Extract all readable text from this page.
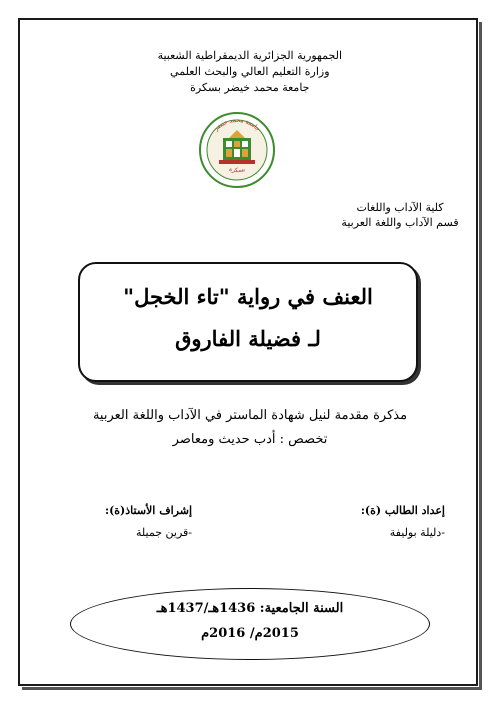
الجمهورية الجزائرية الديمقراطية الشعبية
وزارة التعليم العالي والبحث العلمي
جامعة محمد خيضر بسكرة
جامعة محمد خيضر
بسكرة
كلية الآداب واللغات
قسم الآداب واللغة العربية
العنف في رواية "تاء الخجل"
لـ فضيلة الفاروق
مذكرة مقدمة لنيل شهادة الماستر في الآداب واللغة العربية
تخصص : أدب حديث ومعاصر
إعداد الطالب (ة):
-دليلة بوليفة
إشراف الأستاذ(ة):
-قرين جميلة
السنة الجامعية: 1436هـ/1437هـ
2015م/ 2016م
